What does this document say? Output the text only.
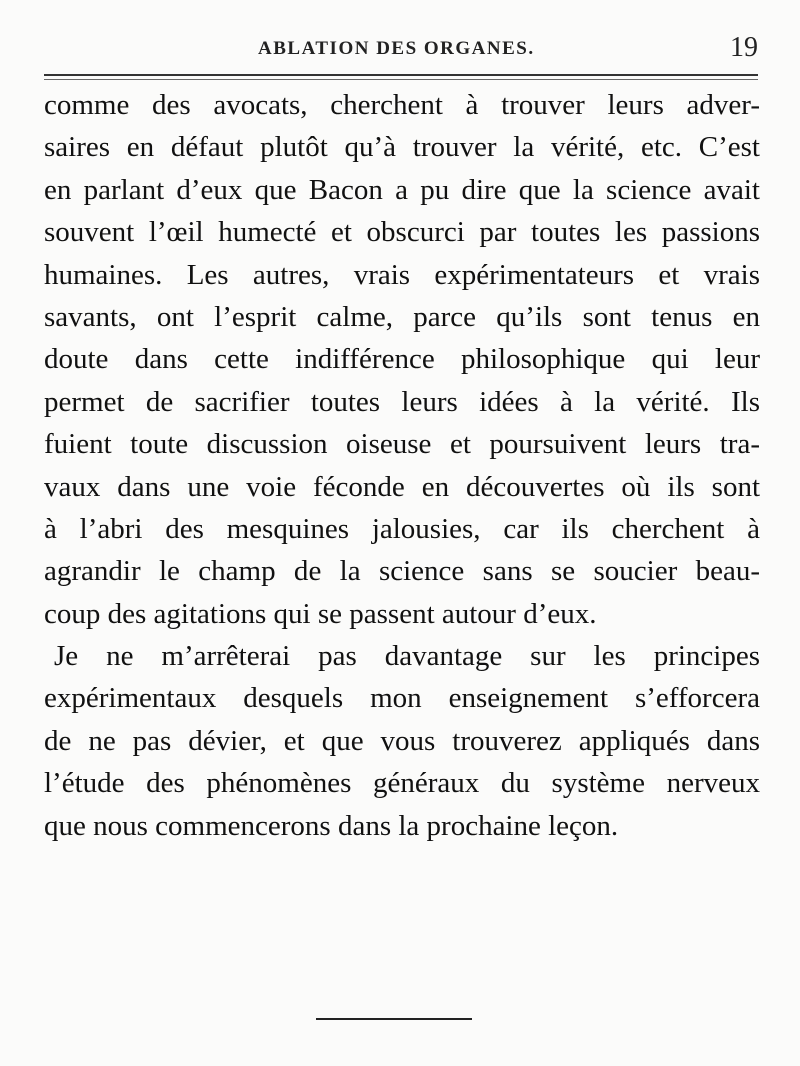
ABLATION DES ORGANES.	19
comme des avocats, cherchent à trouver leurs adver-
saires en défaut plutôt qu’à trouver la vérité, etc. C’est
en parlant d’eux que Bacon a pu dire que la science avait
souvent l’œil humecté et obscurci par toutes les passions
humaines. Les autres, vrais expérimentateurs et vrais
savants, ont l’esprit calme, parce qu’ils sont tenus en
doute dans cette indifférence philosophique qui leur
permet de sacrifier toutes leurs idées à la vérité. Ils
fuient toute discussion oiseuse et poursuivent leurs tra-
vaux dans une voie féconde en découvertes où ils sont
à l’abri des mesquines jalousies, car ils cherchent à
agrandir le champ de la science sans se soucier beau-
coup des agitations qui se passent autour d’eux.
Je ne m’arrêterai pas davantage sur les principes
expérimentaux desquels mon enseignement s’efforcera
de ne pas dévier, et que vous trouverez appliqués dans
l’étude des phénomènes généraux du système nerveux
que nous commencerons dans la prochaine leçon.
